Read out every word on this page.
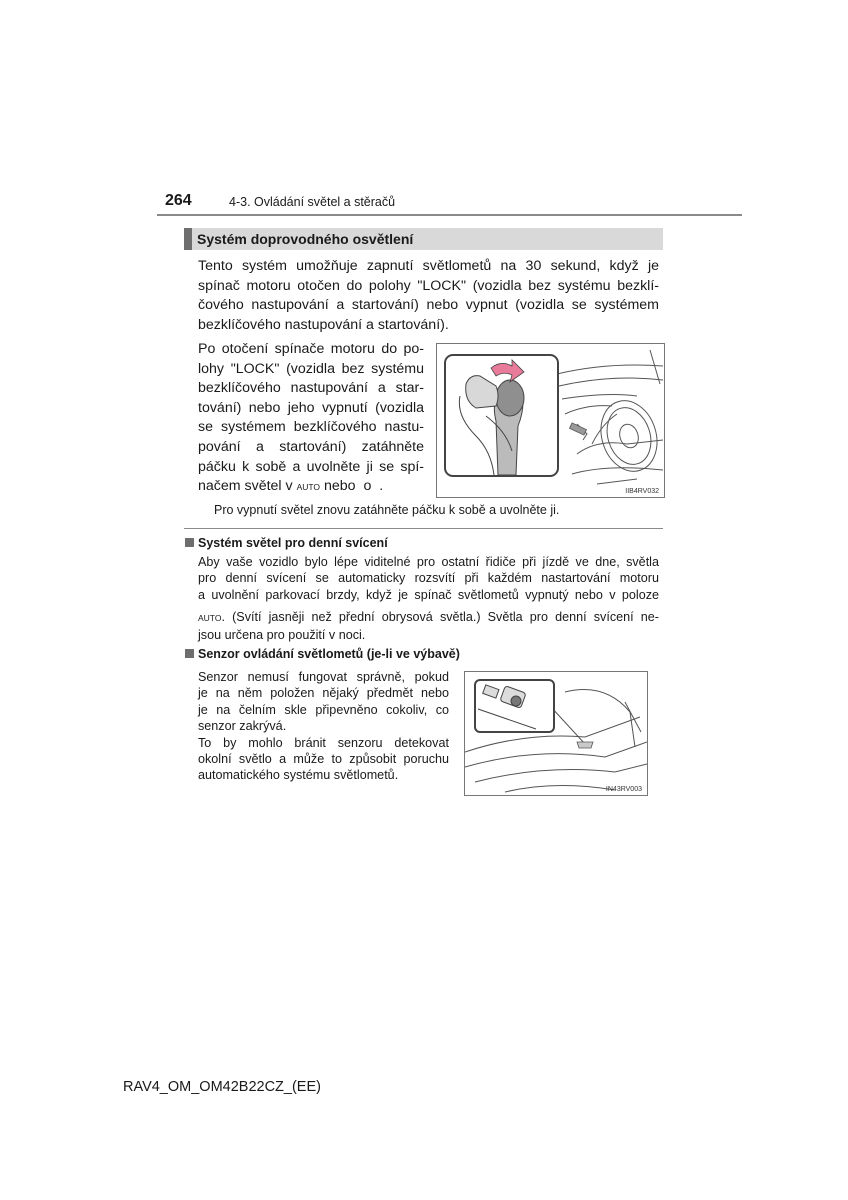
264	4-3. Ovládání světel a stěračů
Systém doprovodného osvětlení

Tento systém umožňuje zapnutí světlometů na 30 sekund, když je
spínač motoru otočen do polohy "LOCK" (vozidla bez systému bezklí-
čového nastupování a startování) nebo vypnut (vozidla se systémem
bezklíčového nastupování a startování).

Po otočení spínače motoru do po-
lohy "LOCK" (vozidla bez systému
bezklíčového nastupování a star-
tování) nebo jeho vypnutí (vozidla
se systémem bezklíčového nastu-
pování a startování) zatáhněte
páčku k sobě a uvolněte ji se spí-
načem světel v AUTO nebo o .	IIB4RV032
Pro vypnutí světel znovu zatáhněte páčku k sobě a uvolněte ji.
Systém světel pro denní svícení

Aby vaše vozidlo bylo lépe viditelné pro ostatní řidiče při jízdě ve dne, světla
pro denní svícení se automaticky rozsvítí při každém nastartování motoru
a uvolnění parkovací brzdy, když je spínač světlometů vypnutý nebo v poloze
AUTO. (Svítí jasněji než přední obrysová světla.) Světla pro denní svícení ne-
jsou určena pro použití v noci.

Senzor ovládání světlometů (je-li ve výbavě)

Senzor nemusí fungovat správně, pokud
je na něm položen nějaký předmět nebo
je na čelním skle připevněno cokoliv, co
senzor zakrývá.
To by mohlo bránit senzoru detekovat
okolní světlo a může to způsobit poruchu
automatického systému světlometů.

IN43RV003
RAV4_OM_OM42B22CZ_(EE)
